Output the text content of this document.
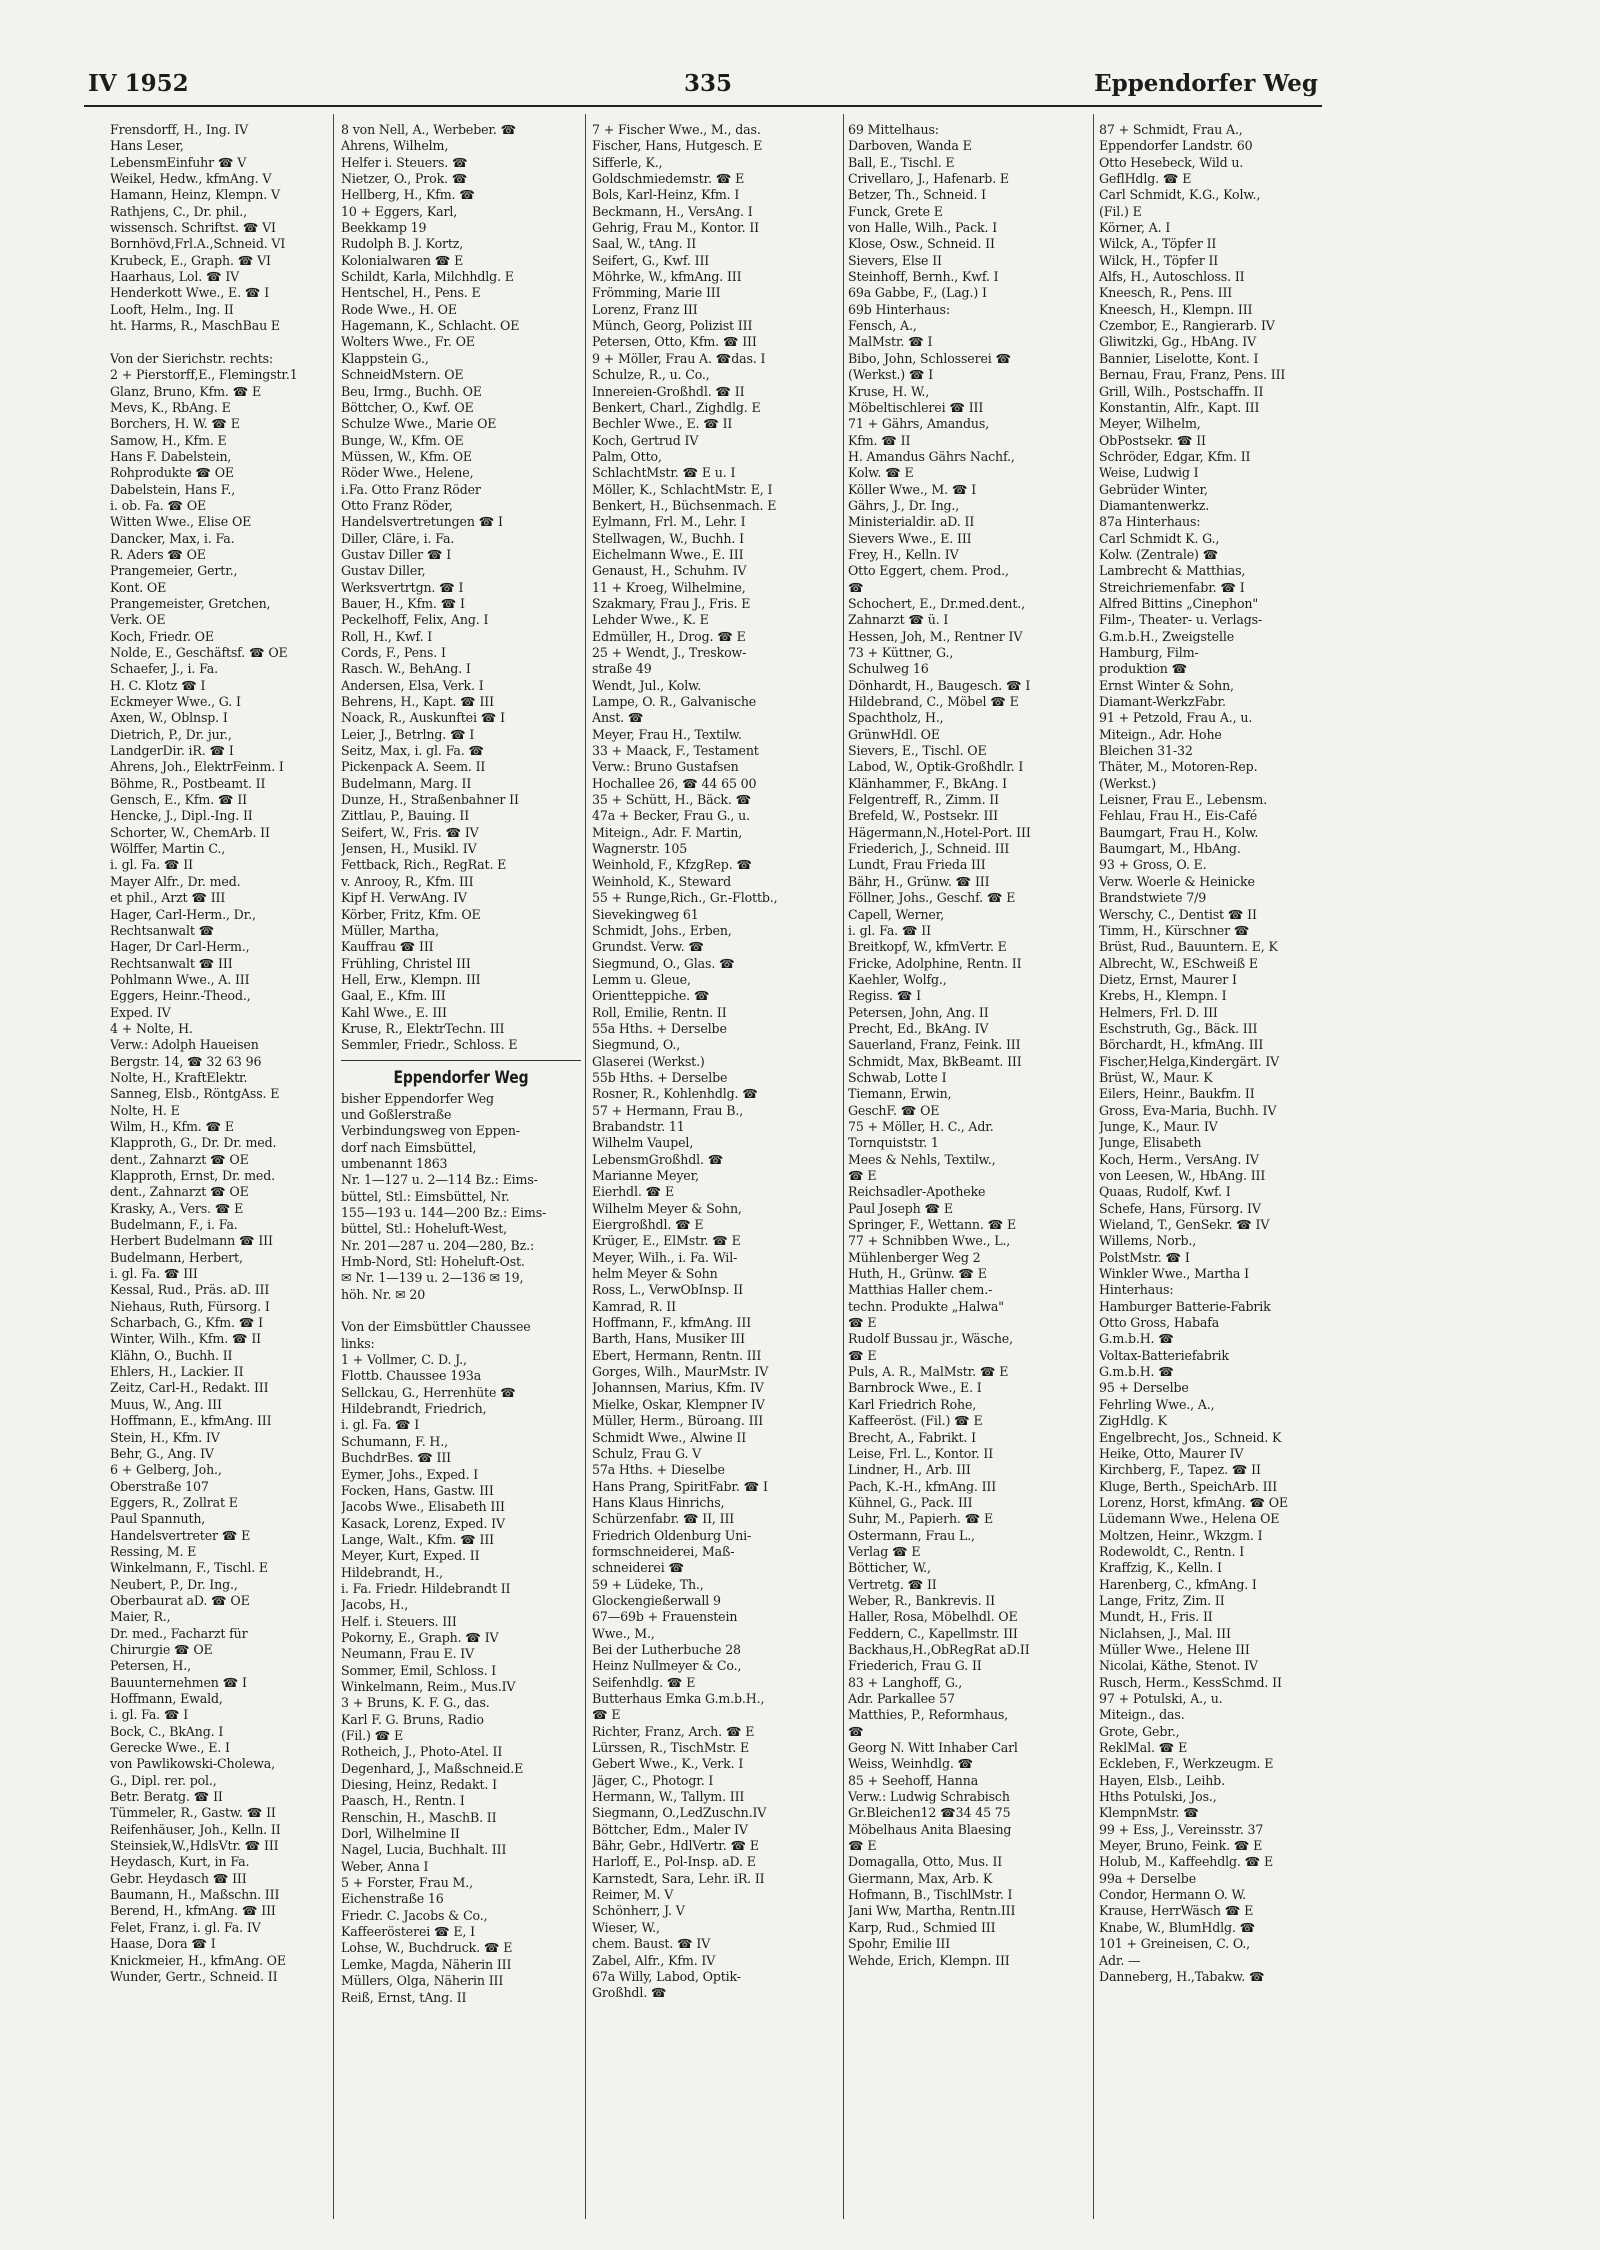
IV 1952	335	Eppendorfer Weg
Frensdorff, H., Ing. IV
Hans Leser,
LebensmEinfuhr ☎ V
Weikel, Hedw., kfmAng. V
Hamann, Heinz, Klempn. V
Rathjens, C., Dr. phil.,
wissensch. Schriftst. ☎ VI
Bornhövd,Frl.A.,Schneid. VI
Krubeck, E., Graph. ☎ VI
Haarhaus, Lol. ☎ IV
Henderkott Wwe., E. ☎ I
Looft, Helm., Ing. II
ht. Harms, R., MaschBau E

Von der Sierichstr. rechts:
2 + Pierstorff,E., Flemingstr.1
Glanz, Bruno, Kfm. ☎ E
Mevs, K., RbAng. E
Borchers, H. W. ☎ E
Samow, H., Kfm. E
Hans F. Dabelstein,
Rohprodukte ☎ OE
Dabelstein, Hans F.,
i. ob. Fa. ☎ OE
Witten Wwe., Elise OE
Dancker, Max, i. Fa.
R. Aders ☎ OE
Prangemeier, Gertr.,
Kont. OE
Prangemeister, Gretchen,
Verk. OE
Koch, Friedr. OE
Nolde, E., Geschäftsf. ☎ OE
Schaefer, J., i. Fa.
H. C. Klotz ☎ I
Eckmeyer Wwe., G. I
Axen, W., Oblnsp. I
Dietrich, P., Dr. jur.,
LandgerDir. iR. ☎ I
Ahrens, Joh., ElektrFeinm. I
Böhme, R., Postbeamt. II
Gensch, E., Kfm. ☎ II
Hencke, J., Dipl.-Ing. II
Schorter, W., ChemArb. II
Wölffer, Martin C.,
i. gl. Fa. ☎ II
Mayer Alfr., Dr. med.
et phil., Arzt ☎ III
Hager, Carl-Herm., Dr.,
Rechtsanwalt ☎
Hager, Dr Carl-Herm.,
Rechtsanwalt ☎ III
Pohlmann Wwe., A. III
Eggers, Heinr.-Theod.,
Exped. IV
4 + Nolte, H.
Verw.: Adolph Haueisen
Bergstr. 14, ☎ 32 63 96
Nolte, H., KraftElektr.
Sanneg, Elsb., RöntgAss. E
Nolte, H. E
Wilm, H., Kfm. ☎ E
Klapproth, G., Dr. Dr. med.
dent., Zahnarzt ☎ OE
Klapproth, Ernst, Dr. med.
dent., Zahnarzt ☎ OE
Krasky, A., Vers. ☎ E
Budelmann, F., i. Fa.
Herbert Budelmann ☎ III
Budelmann, Herbert,
i. gl. Fa. ☎ III
Kessal, Rud., Präs. aD. III
Niehaus, Ruth, Fürsorg. I
Scharbach, G., Kfm. ☎ I
Winter, Wilh., Kfm. ☎ II
Klähn, O., Buchh. II
Ehlers, H., Lackier. II
Zeitz, Carl-H., Redakt. III
Muus, W., Ang. III
Hoffmann, E., kfmAng. III
Stein, H., Kfm. IV
Behr, G., Ang. IV
6 + Gelberg, Joh.,
Oberstraße 107
Eggers, R., Zollrat E
Paul Spannuth,
Handelsvertreter ☎ E
Ressing, M. E
Winkelmann, F., Tischl. E
Neubert, P., Dr. Ing.,
Oberbaurat aD. ☎ OE
Maier, R.,
Dr. med., Facharzt für
Chirurgie ☎ OE
Petersen, H.,
Bauunternehmen ☎ I
Hoffmann, Ewald,
i. gl. Fa. ☎ I
Bock, C., BkAng. I
Gerecke Wwe., E. I
von Pawlikowski-Cholewa,
G., Dipl. rer. pol.,
Betr. Beratg. ☎ II
Tümmeler, R., Gastw. ☎ II
Reifenhäuser, Joh., Kelln. II
Steinsiek,W.,HdlsVtr. ☎ III
Heydasch, Kurt, in Fa.
Gebr. Heydasch ☎ III
Baumann, H., Maßschn. III
Berend, H., kfmAng. ☎ III
Felet, Franz, i. gl. Fa. IV
Haase, Dora ☎ I
Knickmeier, H., kfmAng. OE
Wunder, Gertr., Schneid. II
8 von Nell, A., Werbeber. ☎
Ahrens, Wilhelm,
Helfer i. Steuers. ☎
Nietzer, O., Prok. ☎
Hellberg, H., Kfm. ☎
10 + Eggers, Karl,
Beekkamp 19
Rudolph B. J. Kortz,
Kolonialwaren ☎ E
Schildt, Karla, Milchhdlg. E
Hentschel, H., Pens. E
Rode Wwe., H. OE
Hagemann, K., Schlacht. OE
Wolters Wwe., Fr. OE
Klappstein G.,
SchneidMstern. OE
Beu, Irmg., Buchh. OE
Böttcher, O., Kwf. OE
Schulze Wwe., Marie OE
Bunge, W., Kfm. OE
Müssen, W., Kfm. OE
Röder Wwe., Helene,
i.Fa. Otto Franz Röder
Otto Franz Röder,
Handelsvertretungen ☎ I
Diller, Cläre, i. Fa.
Gustav Diller ☎ I
Gustav Diller,
Werksvertrtgn. ☎ I
Bauer, H., Kfm. ☎ I
Peckelhoff, Felix, Ang. I
Roll, H., Kwf. I
Cords, F., Pens. I
Rasch. W., BehAng. I
Andersen, Elsa, Verk. I
Behrens, H., Kapt. ☎ III
Noack, R., Auskunftei ☎ I
Leier, J., Betrlng. ☎ I
Seitz, Max, i. gl. Fa. ☎
Pickenpack A. Seem. II
Budelmann, Marg. II
Dunze, H., Straßenbahner II
Zittlau, P., Bauing. II
Seifert, W., Fris. ☎ IV
Jensen, H., Musikl. IV
Fettback, Rich., RegRat. E
v. Anrooy, R., Kfm. III
Kipf H. VerwAng. IV
Körber, Fritz, Kfm. OE
Müller, Martha,
Kauffrau ☎ III
Frühling, Christel III
Hell, Erw., Klempn. III
Gaal, E., Kfm. III
Kahl Wwe., E. III
Kruse, R., ElektrTechn. III
Semmler, Friedr., Schloss. E
Eppendorfer Weg
bisher Eppendorfer Weg
und Goßlerstraße
Verbindungsweg von Eppen-
dorf nach Eimsbüttel,
umbenannt 1863
Nr. 1—127 u. 2—114 Bz.: Eims-
büttel, Stl.: Eimsbüttel, Nr.
155—193 u. 144—200 Bz.: Eims-
büttel, Stl.: Hoheluft-West,
Nr. 201—287 u. 204—280, Bz.:
Hmb-Nord, Stl: Hoheluft-Ost.
✉ Nr. 1—139 u. 2—136 ✉ 19,
höh. Nr. ✉ 20

Von der Eimsbüttler Chaussee
links:
1 + Vollmer, C. D. J.,
Flottb. Chaussee 193a
Sellckau, G., Herrenhüte ☎
Hildebrandt, Friedrich,
i. gl. Fa. ☎ I
Schumann, F. H.,
BuchdrBes. ☎ III
Eymer, Johs., Exped. I
Focken, Hans, Gastw. III
Jacobs Wwe., Elisabeth III
Kasack, Lorenz, Exped. IV
Lange, Walt., Kfm. ☎ III
Meyer, Kurt, Exped. II
Hildebrandt, H.,
i. Fa. Friedr. Hildebrandt II
Jacobs, H.,
Helf. i. Steuers. III
Pokorny, E., Graph. ☎ IV
Neumann, Frau E. IV
Sommer, Emil, Schloss. I
Winkelmann, Reim., Mus.IV
3 + Bruns, K. F. G., das.
Karl F. G. Bruns, Radio
(Fil.) ☎ E
Rotheich, J., Photo-Atel. II
Degenhard, J., Maßschneid.E
Diesing, Heinz, Redakt. I
Paasch, H., Rentn. I
Renschin, H., MaschB. II
Dorl, Wilhelmine II
Nagel, Lucia, Buchhalt. III
Weber, Anna I
5 + Forster, Frau M.,
Eichenstraße 16
Friedr. C. Jacobs & Co.,
Kaffeerösterei ☎ E, I
Lohse, W., Buchdruck. ☎ E
Lemke, Magda, Näherin III
Müllers, Olga, Näherin III
Reiß, Ernst, tAng. II
7 + Fischer Wwe., M., das.
Fischer, Hans, Hutgesch. E
Sifferle, K.,
Goldschmiedemstr. ☎ E
Bols, Karl-Heinz, Kfm. I
Beckmann, H., VersAng. I
Gehrig, Frau M., Kontor. II
Saal, W., tAng. II
Seifert, G., Kwf. III
Möhrke, W., kfmAng. III
Frömming, Marie III
Lorenz, Franz III
Münch, Georg, Polizist III
Petersen, Otto, Kfm. ☎ III
9 + Möller, Frau A. ☎das. I
Schulze, R., u. Co.,
Innereien-Großhdl. ☎ II
Benkert, Charl., Zighdlg. E
Bechler Wwe., E. ☎ II
Koch, Gertrud IV
Palm, Otto,
SchlachtMstr. ☎ E u. I
Möller, K., SchlachtMstr. E, I
Benkert, H., Büchsenmach. E
Eylmann, Frl. M., Lehr. I
Stellwagen, W., Buchh. I
Eichelmann Wwe., E. III
Genaust, H., Schuhm. IV
11 + Kroeg, Wilhelmine,
Szakmary, Frau J., Fris. E
Lehder Wwe., K. E
Edmüller, H., Drog. ☎ E
25 + Wendt, J., Treskow-
straße 49
Wendt, Jul., Kolw.
Lampe, O. R., Galvanische
Anst. ☎
Meyer, Frau H., Textilw.
33 + Maack, F., Testament
Verw.: Bruno Gustafsen
Hochallee 26, ☎ 44 65 00
35 + Schütt, H., Bäck. ☎
47a + Becker, Frau G., u.
Miteign., Adr. F. Martin,
Wagnerstr. 105
Weinhold, F., KfzgRep. ☎
Weinhold, K., Steward
55 + Runge,Rich., Gr.-Flottb.,
Sievekingweg 61
Schmidt, Johs., Erben,
Grundst. Verw. ☎
Siegmund, O., Glas. ☎
Lemm u. Gleue,
Orientteppiche. ☎
Roll, Emilie, Rentn. II
55a Hths. + Derselbe
Siegmund, O.,
Glaserei (Werkst.)
55b Hths. + Derselbe
Rosner, R., Kohlenhdlg. ☎
57 + Hermann, Frau B.,
Brabandstr. 11
Wilhelm Vaupel,
LebensmGroßhdl. ☎
Marianne Meyer,
Eierhdl. ☎ E
Wilhelm Meyer & Sohn,
Eiergroßhdl. ☎ E
Krüger, E., ElMstr. ☎ E
Meyer, Wilh., i. Fa. Wil-
helm Meyer & Sohn
Ross, L., VerwObInsp. II
Kamrad, R. II
Hoffmann, F., kfmAng. III
Barth, Hans, Musiker III
Ebert, Hermann, Rentn. III
Gorges, Wilh., MaurMstr. IV
Johannsen, Marius, Kfm. IV
Mielke, Oskar, Klempner IV
Müller, Herm., Büroang. III
Schmidt Wwe., Alwine II
Schulz, Frau G. V
57a Hths. + Dieselbe
Hans Prang, SpiritFabr. ☎ I
Hans Klaus Hinrichs,
Schürzenfabr. ☎ II, III
Friedrich Oldenburg Uni-
formschneiderei, Maß-
schneiderei ☎
59 + Lüdeke, Th.,
Glockengießerwall 9
67—69b + Frauenstein
Wwe., M.,
Bei der Lutherbuche 28
Heinz Nullmeyer & Co.,
Seifenhdlg. ☎ E
Butterhaus Emka G.m.b.H.,
☎ E
Richter, Franz, Arch. ☎ E
Lürssen, R., TischMstr. E
Gebert Wwe., K., Verk. I
Jäger, C., Photogr. I
Hermann, W., Tallym. III
Siegmann, O.,LedZuschn.IV
Böttcher, Edm., Maler IV
Bähr, Gebr., HdlVertr. ☎ E
Harloff, E., Pol-Insp. aD. E
Karnstedt, Sara, Lehr. iR. II
Reimer, M. V
Schönherr, J. V
Wieser, W.,
chem. Baust. ☎ IV
Zabel, Alfr., Kfm. IV
67a Willy, Labod, Optik-
Großhdl. ☎
69 Mittelhaus:
Darboven, Wanda E
Ball, E., Tischl. E
Crivellaro, J., Hafenarb. E
Betzer, Th., Schneid. I
Funck, Grete E
von Halle, Wilh., Pack. I
Klose, Osw., Schneid. II
Sievers, Else II
Steinhoff, Bernh., Kwf. I
69a Gabbe, F., (Lag.) I
69b Hinterhaus:
Fensch, A.,
MalMstr. ☎ I
Bibo, John, Schlosserei ☎
(Werkst.) ☎ I
Kruse, H. W.,
Möbeltischlerei ☎ III
71 + Gährs, Amandus,
Kfm. ☎ II
H. Amandus Gährs Nachf.,
Kolw. ☎ E
Köller Wwe., M. ☎ I
Gährs, J., Dr. Ing.,
Ministerialdir. aD. II
Sievers Wwe., E. III
Frey, H., Kelln. IV
Otto Eggert, chem. Prod.,
☎
Schochert, E., Dr.med.dent.,
Zahnarzt ☎ ü. I
Hessen, Joh, M., Rentner IV
73 + Küttner, G.,
Schulweg 16
Dönhardt, H., Baugesch. ☎ I
Hildebrand, C., Möbel ☎ E
Spachtholz, H.,
GrünwHdl. OE
Sievers, E., Tischl. OE
Labod, W., Optik-Großhdlr. I
Klänhammer, F., BkAng. I
Felgentreff, R., Zimm. II
Brefeld, W., Postsekr. III
Hägermann,N.,Hotel-Port. III
Friederich, J., Schneid. III
Lundt, Frau Frieda III
Bähr, H., Grünw. ☎ III
Föllner, Johs., Geschf. ☎ E
Capell, Werner,
i. gl. Fa. ☎ II
Breitkopf, W., kfmVertr. E
Fricke, Adolphine, Rentn. II
Kaehler, Wolfg.,
Regiss. ☎ I
Petersen, John, Ang. II
Precht, Ed., BkAng. IV
Sauerland, Franz, Feink. III
Schmidt, Max, BkBeamt. III
Schwab, Lotte I
Tiemann, Erwin,
GeschF. ☎ OE
75 + Möller, H. C., Adr.
Tornquiststr. 1
Mees & Nehls, Textilw.,
☎ E
Reichsadler-Apotheke
Paul Joseph ☎ E
Springer, F., Wettann. ☎ E
77 + Schnibben Wwe., L.,
Mühlenberger Weg 2
Huth, H., Grünw. ☎ E
Matthias Haller chem.-
techn. Produkte „Halwa"
☎ E
Rudolf Bussau jr., Wäsche,
☎ E
Puls, A. R., MalMstr. ☎ E
Barnbrock Wwe., E. I
Karl Friedrich Rohe,
Kaffeeröst. (Fil.) ☎ E
Brecht, A., Fabrikt. I
Leise, Frl. L., Kontor. II
Lindner, H., Arb. III
Pach, K.-H., kfmAng. III
Kühnel, G., Pack. III
Suhr, M., Papierh. ☎ E
Ostermann, Frau L.,
Verlag ☎ E
Bötticher, W.,
Vertretg. ☎ II
Weber, R., Bankrevis. II
Haller, Rosa, Möbelhdl. OE
Feddern, C., Kapellmstr. III
Backhaus,H.,ObRegRat aD.II
Friederich, Frau G. II
83 + Langhoff, G.,
Adr. Parkallee 57
Matthies, P., Reformhaus,
☎
Georg N. Witt Inhaber Carl
Weiss, Weinhdlg. ☎
85 + Seehoff, Hanna
Verw.: Ludwig Schrabisch
Gr.Bleichen12 ☎34 45 75
Möbelhaus Anita Blaesing
☎ E
Domagalla, Otto, Mus. II
Giermann, Max, Arb. K
Hofmann, B., TischlMstr. I
Jani Ww, Martha, Rentn.III
Karp, Rud., Schmied III
Spohr, Emilie III
Wehde, Erich, Klempn. III
87 + Schmidt, Frau A.,
Eppendorfer Landstr. 60
Otto Hesebeck, Wild u.
GeflHdlg. ☎ E
Carl Schmidt, K.G., Kolw.,
(Fil.) E
Körner, A. I
Wilck, A., Töpfer II
Wilck, H., Töpfer II
Alfs, H., Autoschloss. II
Kneesch, R., Pens. III
Kneesch, H., Klempn. III
Czembor, E., Rangierarb. IV
Gliwitzki, Gg., HbAng. IV
Bannier, Liselotte, Kont. I
Bernau, Frau, Franz, Pens. III
Grill, Wilh., Postschaffn. II
Konstantin, Alfr., Kapt. III
Meyer, Wilhelm,
ObPostsekr. ☎ II
Schröder, Edgar, Kfm. II
Weise, Ludwig I
Gebrüder Winter,
Diamantenwerkz.
87a Hinterhaus:
Carl Schmidt K. G.,
Kolw. (Zentrale) ☎
Lambrecht & Matthias,
Streichriemenfabr. ☎ I
Alfred Bittins „Cinephon"
Film-, Theater- u. Verlags-
G.m.b.H., Zweigstelle
Hamburg, Film-
produktion ☎
Ernst Winter & Sohn,
Diamant-WerkzFabr.
91 + Petzold, Frau A., u.
Miteign., Adr. Hohe
Bleichen 31-32
Thäter, M., Motoren-Rep.
(Werkst.)
Leisner, Frau E., Lebensm.
Fehlau, Frau H., Eis-Café
Baumgart, Frau H., Kolw.
Baumgart, M., HbAng.
93 + Gross, O. E.
Verw. Woerle & Heinicke
Brandstwiete 7/9
Werschy, C., Dentist ☎ II
Timm, H., Kürschner ☎
Brüst, Rud., Bauuntern. E, K
Albrecht, W., ESchweiß E
Dietz, Ernst, Maurer I
Krebs, H., Klempn. I
Helmers, Frl. D. III
Eschstruth, Gg., Bäck. III
Börchardt, H., kfmAng. III
Fischer,Helga,Kindergärt. IV
Brüst, W., Maur. K
Eilers, Heinr., Baukfm. II
Gross, Eva-Maria, Buchh. IV
Junge, K., Maur. IV
Junge, Elisabeth
Koch, Herm., VersAng. IV
von Leesen, W., HbAng. III
Quaas, Rudolf, Kwf. I
Schefe, Hans, Fürsorg. IV
Wieland, T., GenSekr. ☎ IV
Willems, Norb.,
PolstMstr. ☎ I
Winkler Wwe., Martha I
Hinterhaus:
Hamburger Batterie-Fabrik
Otto Gross, Habafa
G.m.b.H. ☎
Voltax-Batteriefabrik
G.m.b.H. ☎
95 + Derselbe
Fehrling Wwe., A.,
ZigHdlg. K
Engelbrecht, Jos., Schneid. K
Heike, Otto, Maurer IV
Kirchberg, F., Tapez. ☎ II
Kluge, Berth., SpeichArb. III
Lorenz, Horst, kfmAng. ☎ OE
Lüdemann Wwe., Helena OE
Moltzen, Heinr., Wkzgm. I
Rodewoldt, C., Rentn. I
Kraffzig, K., Kelln. I
Harenberg, C., kfmAng. I
Lange, Fritz, Zim. II
Mundt, H., Fris. II
Niclahsen, J., Mal. III
Müller Wwe., Helene III
Nicolai, Käthe, Stenot. IV
Rusch, Herm., KessSchmd. II
97 + Potulski, A., u.
Miteign., das.
Grote, Gebr.,
ReklMal. ☎ E
Eckleben, F., Werkzeugm. E
Hayen, Elsb., Leihb.
Hths Potulski, Jos.,
KlempnMstr. ☎
99 + Ess, J., Vereinsstr. 37
Meyer, Bruno, Feink. ☎ E
Holub, M., Kaffeehdlg. ☎ E
99a + Derselbe
Condor, Hermann O. W.
Krause, HerrWäsch ☎ E
Knabe, W., BlumHdlg. ☎
101 + Greineisen, C. O.,
Adr. —
Danneberg, H.,Tabakw. ☎
